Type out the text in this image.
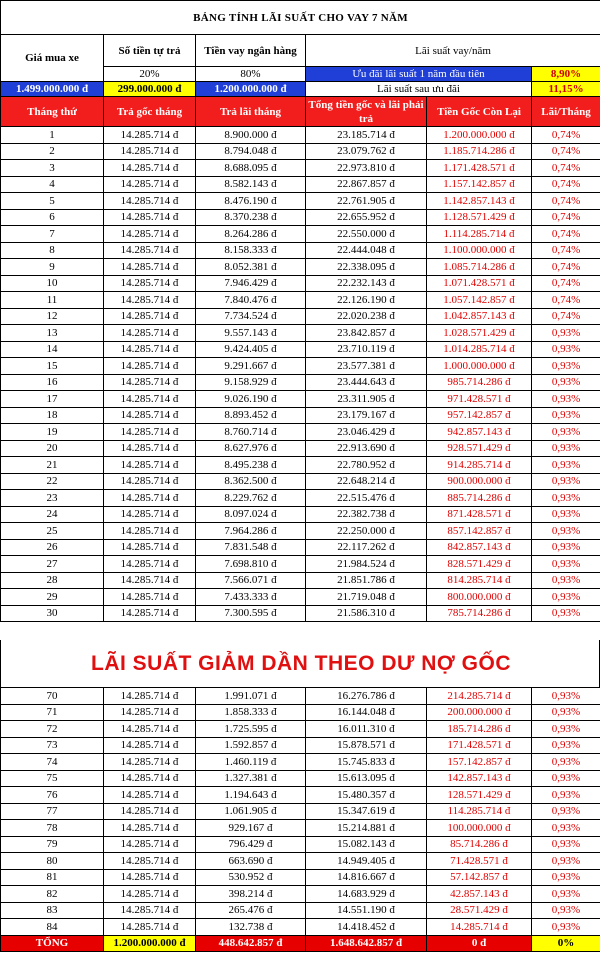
BẢNG TÍNH LÃI SUẤT CHO VAY 7 NĂM					
Giá mua xe	Số tiền tự trả	Tiền vay ngân hàng	Lãi suất vay/năm		
	20%	80%	Ưu đãi lãi suất 1 năm đầu tiên		8,90%
1.499.000.000 đ	299.000.000 đ	1.200.000.000 đ	Lãi suất sau ưu đãi		11,15%
Tháng thứ	Trả gốc tháng	Trả lãi tháng	Tổng tiền gốc và lãi phải trả	Tiền Gốc Còn Lại	Lãi/Tháng
1	14.285.714 đ	8.900.000 đ	23.185.714 đ	1.200.000.000 đ	0,74%
2	14.285.714 đ	8.794.048 đ	23.079.762 đ	1.185.714.286 đ	0,74%
3	14.285.714 đ	8.688.095 đ	22.973.810 đ	1.171.428.571 đ	0,74%
4	14.285.714 đ	8.582.143 đ	22.867.857 đ	1.157.142.857 đ	0,74%
5	14.285.714 đ	8.476.190 đ	22.761.905 đ	1.142.857.143 đ	0,74%
6	14.285.714 đ	8.370.238 đ	22.655.952 đ	1.128.571.429 đ	0,74%
7	14.285.714 đ	8.264.286 đ	22.550.000 đ	1.114.285.714 đ	0,74%
8	14.285.714 đ	8.158.333 đ	22.444.048 đ	1.100.000.000 đ	0,74%
9	14.285.714 đ	8.052.381 đ	22.338.095 đ	1.085.714.286 đ	0,74%
10	14.285.714 đ	7.946.429 đ	22.232.143 đ	1.071.428.571 đ	0,74%
11	14.285.714 đ	7.840.476 đ	22.126.190 đ	1.057.142.857 đ	0,74%
12	14.285.714 đ	7.734.524 đ	22.020.238 đ	1.042.857.143 đ	0,74%
13	14.285.714 đ	9.557.143 đ	23.842.857 đ	1.028.571.429 đ	0,93%
14	14.285.714 đ	9.424.405 đ	23.710.119 đ	1.014.285.714 đ	0,93%
15	14.285.714 đ	9.291.667 đ	23.577.381 đ	1.000.000.000 đ	0,93%
16	14.285.714 đ	9.158.929 đ	23.444.643 đ	985.714.286 đ	0,93%
17	14.285.714 đ	9.026.190 đ	23.311.905 đ	971.428.571 đ	0,93%
18	14.285.714 đ	8.893.452 đ	23.179.167 đ	957.142.857 đ	0,93%
19	14.285.714 đ	8.760.714 đ	23.046.429 đ	942.857.143 đ	0,93%
20	14.285.714 đ	8.627.976 đ	22.913.690 đ	928.571.429 đ	0,93%
21	14.285.714 đ	8.495.238 đ	22.780.952 đ	914.285.714 đ	0,93%
22	14.285.714 đ	8.362.500 đ	22.648.214 đ	900.000.000 đ	0,93%
23	14.285.714 đ	8.229.762 đ	22.515.476 đ	885.714.286 đ	0,93%
24	14.285.714 đ	8.097.024 đ	22.382.738 đ	871.428.571 đ	0,93%
25	14.285.714 đ	7.964.286 đ	22.250.000 đ	857.142.857 đ	0,93%
26	14.285.714 đ	7.831.548 đ	22.117.262 đ	842.857.143 đ	0,93%
27	14.285.714 đ	7.698.810 đ	21.984.524 đ	828.571.429 đ	0,93%
28	14.285.714 đ	7.566.071 đ	21.851.786 đ	814.285.714 đ	0,93%
29	14.285.714 đ	7.433.333 đ	21.719.048 đ	800.000.000 đ	0,93%
30	14.285.714 đ	7.300.595 đ	21.586.310 đ	785.714.286 đ	0,93%
LÃI SUẤT GIẢM DẦN THEO DƯ NỢ GỐC
70	14.285.714 đ	1.991.071 đ	16.276.786 đ	214.285.714 đ	0,93%
71	14.285.714 đ	1.858.333 đ	16.144.048 đ	200.000.000 đ	0,93%
72	14.285.714 đ	1.725.595 đ	16.011.310 đ	185.714.286 đ	0,93%
73	14.285.714 đ	1.592.857 đ	15.878.571 đ	171.428.571 đ	0,93%
74	14.285.714 đ	1.460.119 đ	15.745.833 đ	157.142.857 đ	0,93%
75	14.285.714 đ	1.327.381 đ	15.613.095 đ	142.857.143 đ	0,93%
76	14.285.714 đ	1.194.643 đ	15.480.357 đ	128.571.429 đ	0,93%
77	14.285.714 đ	1.061.905 đ	15.347.619 đ	114.285.714 đ	0,93%
78	14.285.714 đ	929.167 đ	15.214.881 đ	100.000.000 đ	0,93%
79	14.285.714 đ	796.429 đ	15.082.143 đ	85.714.286 đ	0,93%
80	14.285.714 đ	663.690 đ	14.949.405 đ	71.428.571 đ	0,93%
81	14.285.714 đ	530.952 đ	14.816.667 đ	57.142.857 đ	0,93%
82	14.285.714 đ	398.214 đ	14.683.929 đ	42.857.143 đ	0,93%
83	14.285.714 đ	265.476 đ	14.551.190 đ	28.571.429 đ	0,93%
84	14.285.714 đ	132.738 đ	14.418.452 đ	14.285.714 đ	0,93%
TỔNG	1.200.000.000 đ	448.642.857 đ	1.648.642.857 đ	0 đ	0%
